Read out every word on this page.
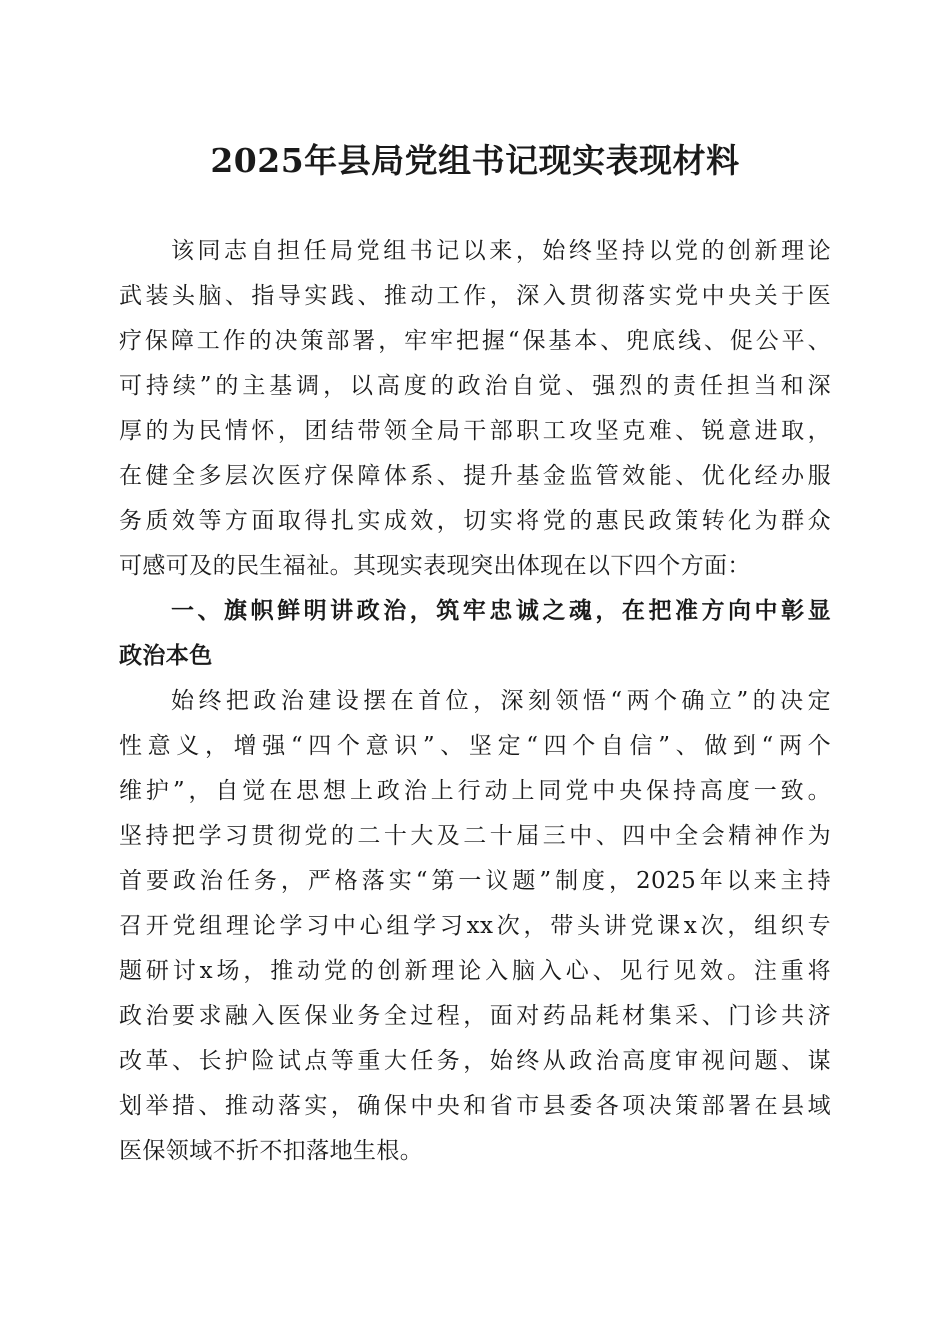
2025年县局党组书记现实表现材料
该同志自担任局党组书记以来，始终坚持以党的创新理论
武装头脑、指导实践、推动工作，深入贯彻落实党中央关于医
疗保障工作的决策部署，牢牢把握“保基本、兜底线、促公平、
可持续”的主基调，以高度的政治自觉、强烈的责任担当和深
厚的为民情怀，团结带领全局干部职工攻坚克难、锐意进取，
在健全多层次医疗保障体系、提升基金监管效能、优化经办服
务质效等方面取得扎实成效，切实将党的惠民政策转化为群众
可感可及的民生福祉。其现实表现突出体现在以下四个方面：
一、旗帜鲜明讲政治，筑牢忠诚之魂，在把准方向中彰显
政治本色
始终把政治建设摆在首位，深刻领悟“两个确立”的决定
性意义，增强“四个意识”、坚定“四个自信”、做到“两个
维护”，自觉在思想上政治上行动上同党中央保持高度一致。
坚持把学习贯彻党的二十大及二十届三中、四中全会精神作为
首要政治任务，严格落实“第一议题”制度，2025年以来主持
召开党组理论学习中心组学习xx次，带头讲党课x次，组织专
题研讨x场，推动党的创新理论入脑入心、见行见效。注重将
政治要求融入医保业务全过程，面对药品耗材集采、门诊共济
改革、长护险试点等重大任务，始终从政治高度审视问题、谋
划举措、推动落实，确保中央和省市县委各项决策部署在县域
医保领域不折不扣落地生根。
